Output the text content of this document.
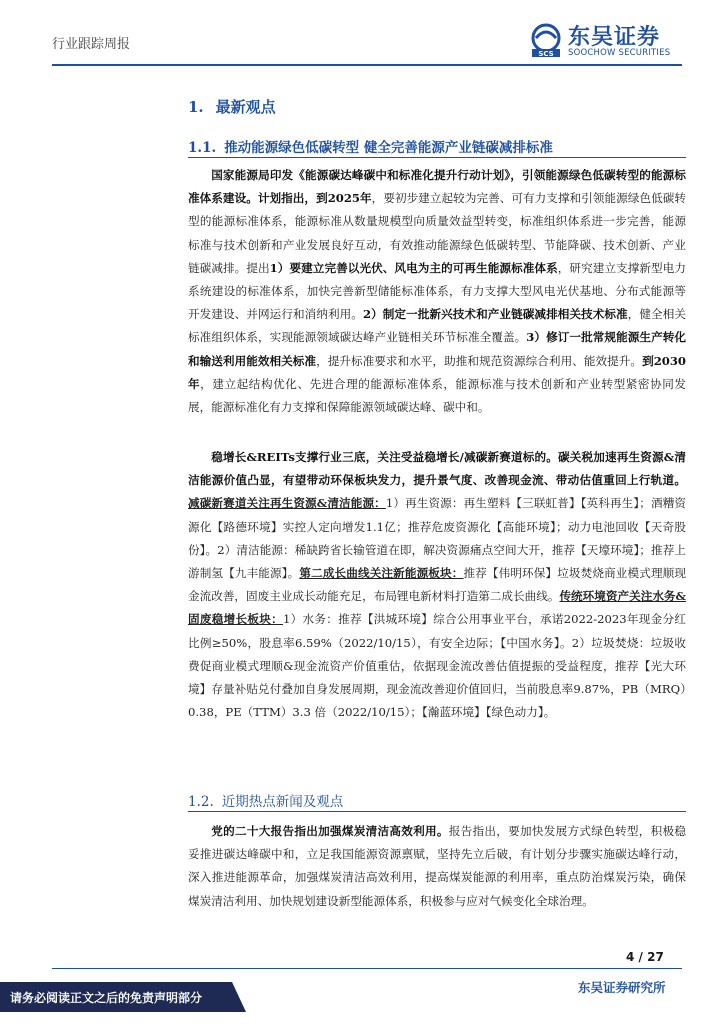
行业跟踪周报
SCS
东吴证券
SOOCHOW SECURITIES
1. 最新观点
1.1. 推动能源绿色低碳转型 健全完善能源产业链碳减排标准
国家能源局印发《能源碳达峰碳中和标准化提升行动计划》，引领能源绿色低碳转型的能源标准体系建设。计划指出，到2025年，要初步建立起较为完善、可有力支撑和引领能源绿色低碳转型的能源标准体系，能源标准从数量规模型向质量效益型转变，标准组织体系进一步完善，能源标准与技术创新和产业发展良好互动，有效推动能源绿色低碳转型、节能降碳、技术创新、产业链碳减排。提出1）要建立完善以光伏、风电为主的可再生能源标准体系，研究建立支撑新型电力系统建设的标准体系，加快完善新型储能标准体系，有力支撑大型风电光伏基地、分布式能源等开发建设、并网运行和消纳利用。2）制定一批新兴技术和产业链碳减排相关技术标准，健全相关标准组织体系，实现能源领域碳达峰产业链相关环节标准全覆盖。3）修订一批常规能源生产转化和输送利用能效相关标准，提升标准要求和水平，助推和规范资源综合利用、能效提升。到2030年，建立起结构优化、先进合理的能源标准体系，能源标准与技术创新和产业转型紧密协同发展，能源标准化有力支撑和保障能源领域碳达峰、碳中和。
稳增长&REITs支撑行业三底，关注受益稳增长/减碳新赛道标的。碳关税加速再生资源&清洁能源价值凸显，有望带动环保板块发力，提升景气度、改善现金流、带动估值重回上行轨道。减碳新赛道关注再生资源&清洁能源：1）再生资源：再生塑料【三联虹普】【英科再生】；酒糟资源化【路德环境】实控人定向增发1.1亿；推荐危废资源化【高能环境】；动力电池回收【天奇股份】。2）清洁能源：稀缺跨省长输管道在即，解决资源痛点空间大开，推荐【天壕环境】；推荐上游制氢【九丰能源】。第二成长曲线关注新能源板块：推荐【伟明环保】垃圾焚烧商业模式理顺现金流改善，固废主业成长动能充足，布局锂电新材料打造第二成长曲线。传统环境资产关注水务&固废稳增长板块：1）水务：推荐【洪城环境】综合公用事业平台，承诺2022-2023年现金分红比例≥50%，股息率6.59%（2022/10/15），有安全边际；【中国水务】。2）垃圾焚烧：垃圾收费促商业模式理顺&现金流资产价值重估，依据现金流改善估值提振的受益程度，推荐【光大环境】存量补贴兑付叠加自身发展周期，现金流改善迎价值回归，当前股息率9.87%，PB（MRQ）0.38，PE（TTM）3.3 倍（2022/10/15）；【瀚蓝环境】【绿色动力】。
1.2. 近期热点新闻及观点
党的二十大报告指出加强煤炭清洁高效利用。报告指出，要加快发展方式绿色转型，积极稳妥推进碳达峰碳中和，立足我国能源资源禀赋，坚持先立后破，有计划分步骤实施碳达峰行动，深入推进能源革命，加强煤炭清洁高效利用，提高煤炭能源的利用率，重点防治煤炭污染，确保煤炭清洁利用、加快规划建设新型能源体系，积极参与应对气候变化全球治理。
4 / 27
东吴证券研究所
请务必阅读正文之后的免责声明部分
